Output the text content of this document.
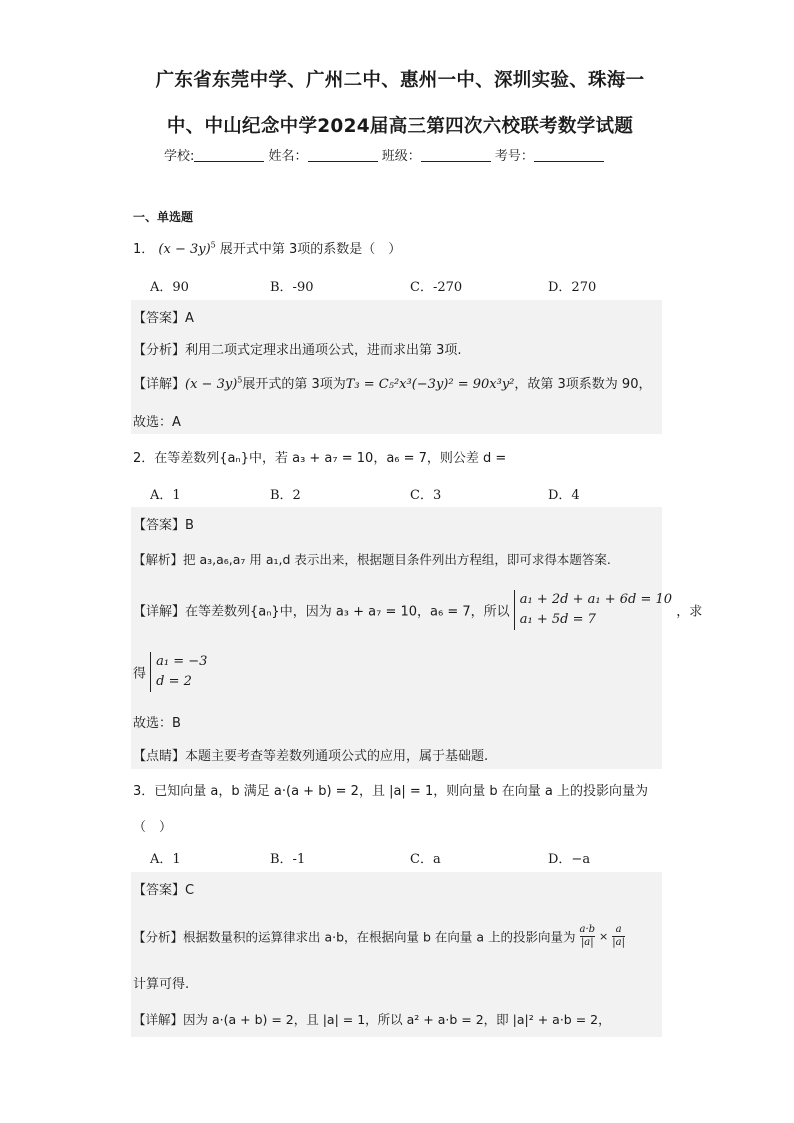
广东省东莞中学、广州二中、惠州一中、深圳实验、珠海一
中、中山纪念中学2024届高三第四次六校联考数学试题
学校:	姓名：	班级：	考号：
一、单选题
1． $(x - 3y)^5$ 展开式中第 3项的系数是（　）
A．90	B．-90	C．-270	D．270
【答案】A
【分析】利用二项式定理求出通项公式，进而求出第 3项.
【详解】$(x - 3y)^5$展开式的第 3项为T₃ = C₅²x³(−3y)² = 90x³y²，故第 3项系数为 90，
故选：A
2．在等差数列{aₙ}中，若 a₃ + a₇ = 10，a₆ = 7，则公差 d =
A．1	B．2	C．3	D．4
【答案】B
【解析】把 a₃,a₆,a₇ 用 a₁,d 表示出来，根据题目条件列出方程组，即可求得本题答案.
【详解】在等差数列{aₙ}中，因为 a₃ + a₇ = 10，a₆ = 7，所以
a₁ + 2d + a₁ + 6d = 10
a₁ + 5d = 7	，求
得
a₁ = −3
d = 2
故选：B
【点睛】本题主要考查等差数列通项公式的应用，属于基础题.
3．已知向量 a，b 满足 a·(a + b) = 2，且 |a| = 1，则向量 b 在向量 a 上的投影向量为
（　）
A．1	B．-1	C．a	D．−a
【答案】C
【分析】根据数量积的运算律求出 a·b，在根据向量 b 在向量 a 上的投影向量为 $\frac{a\cdot b}{|a|} \times \frac{a}{|a|}$
计算可得.
【详解】因为 a·(a + b) = 2，且 |a| = 1，所以 a² + a·b = 2，即 |a|² + a·b = 2，
